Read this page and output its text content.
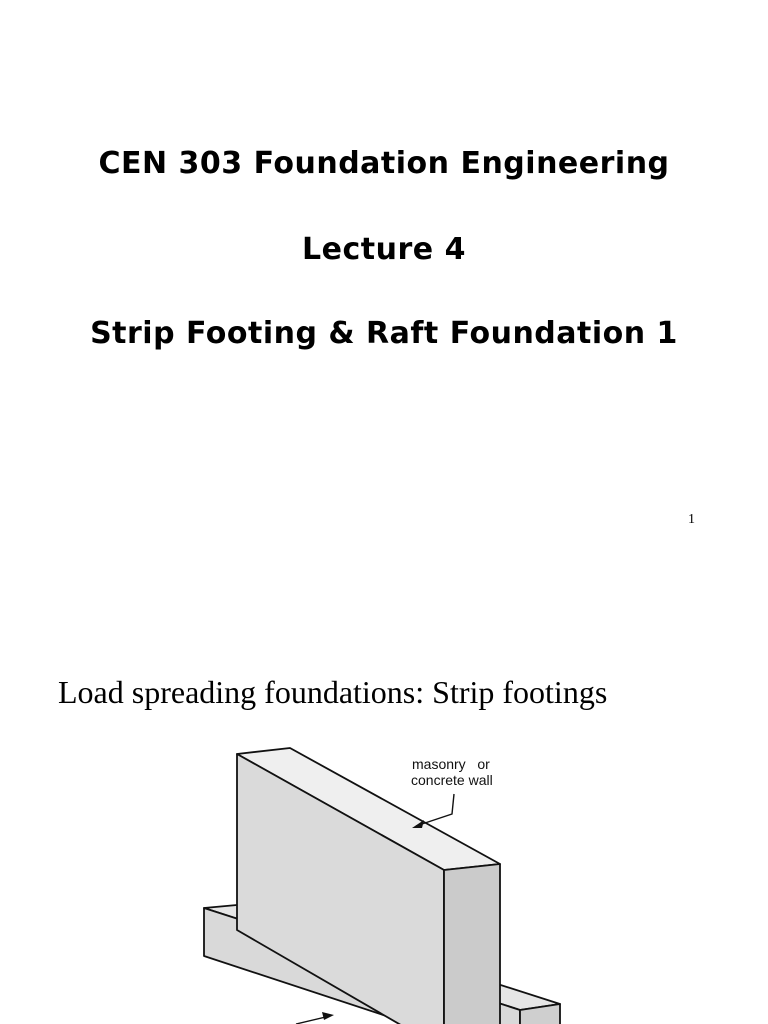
CEN 303 Foundation Engineering
Lecture 4
Strip Footing & Raft Foundation 1
1
Load spreading foundations: Strip footings
masonry   or
concrete wall
